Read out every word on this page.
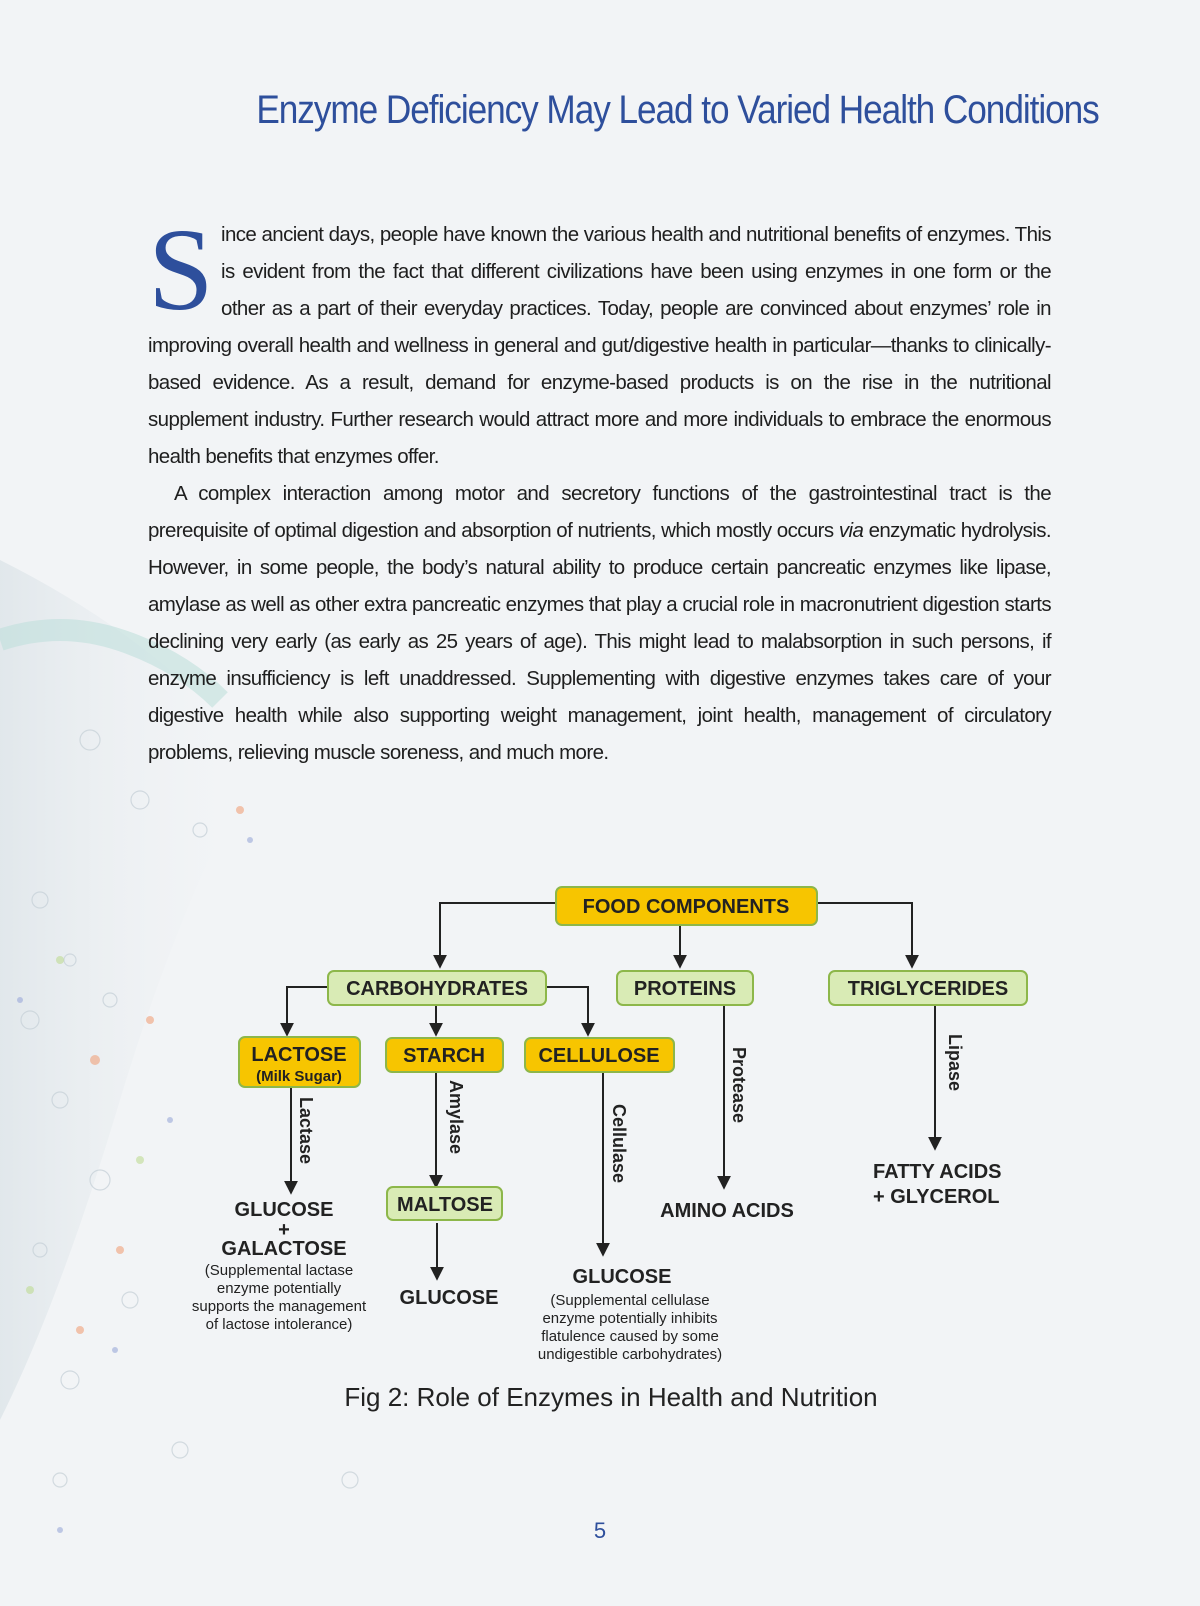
Enzyme Deficiency May Lead to Varied Health Conditions

Since ancient days, people have known the various health and nutritional benefits of enzymes. This is evident from the fact that different civilizations have been using enzymes in one form or the other as a part of their everyday practices. Today, people are convinced about enzymes’ role in improving overall health and wellness in general and gut/digestive health in particular—thanks to clinically-based evidence. As a result, demand for enzyme-based products is on the rise in the nutritional supplement industry. Further research would attract more and more individuals to embrace the enormous health benefits that enzymes offer.

A complex interaction among motor and secretory functions of the gastrointestinal tract is the prerequisite of optimal digestion and absorption of nutrients, which mostly occurs via enzymatic hydrolysis. However, in some people, the body’s natural ability to produce certain pancreatic enzymes like lipase, amylase as well as other extra pancreatic enzymes that play a crucial role in macronutrient digestion starts declining very early (as early as 25 years of age). This might lead to malabsorption in such persons, if enzyme insufficiency is left unaddressed. Supplementing with digestive enzymes takes care of your digestive health while also supporting weight management, joint health, management of circulatory problems, relieving muscle soreness, and much more.

FOOD COMPONENTS
CARBOHYDRATES	PROTEINS	TRIGLYCERIDES
LACTOSE
(Milk Sugar)
STARCH	CELLULOSE
MALTOSE
Lactase	Amylase	Cellulase
Protease	Lipase
GLUCOSE
+
GALACTOSE
(Supplemental lactase
enzyme potentially
supports the management
of lactose intolerance)
GLUCOSE
GLUCOSE
(Supplemental cellulase
enzyme potentially inhibits
flatulence caused by some
undigestible carbohydrates)
AMINO ACIDS
FATTY ACIDS
+ GLYCEROL
Fig 2: Role of Enzymes in Health and Nutrition
5
